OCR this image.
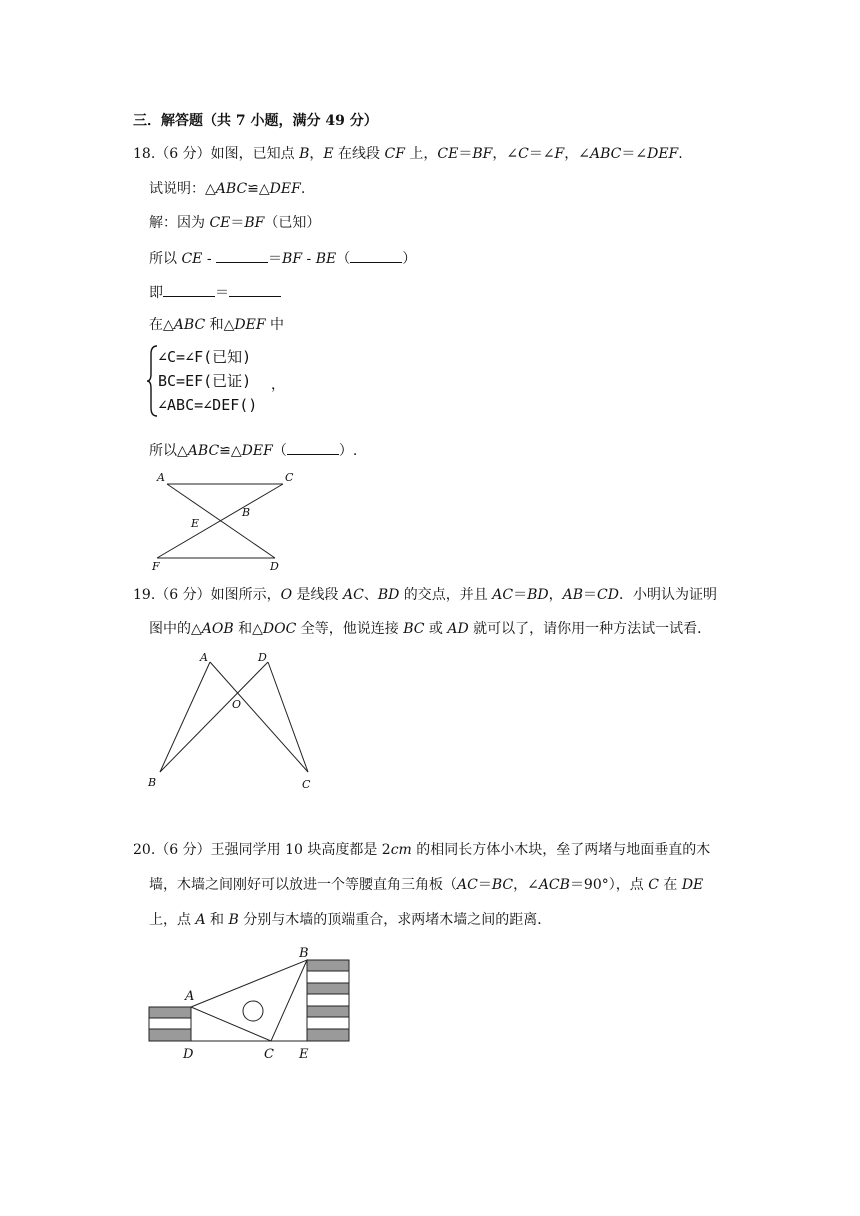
三．解答题（共 7 小题，满分 49 分）
18.（6 分）如图，已知点 B，E 在线段 CF 上，CE＝BF，∠C＝∠F，∠ABC＝∠DEF.
试说明：△ABC≌△DEF.
解：因为 CE＝BF（已知）
所以 CE -	＝BF - BE（	）
即	＝
在△ABC 和△DEF 中
∠C=∠F(已知)
BC=EF(已证) ，
∠ABC=∠DEF()
所以△ABC≌△DEF（	）.
A	C
B
E
F	D
19.（6 分）如图所示，O 是线段 AC、BD 的交点，并且 AC＝BD，AB＝CD．小明认为证明
图中的△AOB 和△DOC 全等，他说连接 BC 或 AD 就可以了，请你用一种方法试一试看．
A	D
O
B	C
20.（6 分）王强同学用 10 块高度都是 2cm 的相同长方体小木块，垒了两堵与地面垂直的木
墙，木墙之间刚好可以放进一个等腰直角三角板（AC＝BC，∠ACB＝90°），点 C 在 DE
上，点 A 和 B 分别与木墙的顶端重合，求两堵木墙之间的距离．
B
A
D	C E
